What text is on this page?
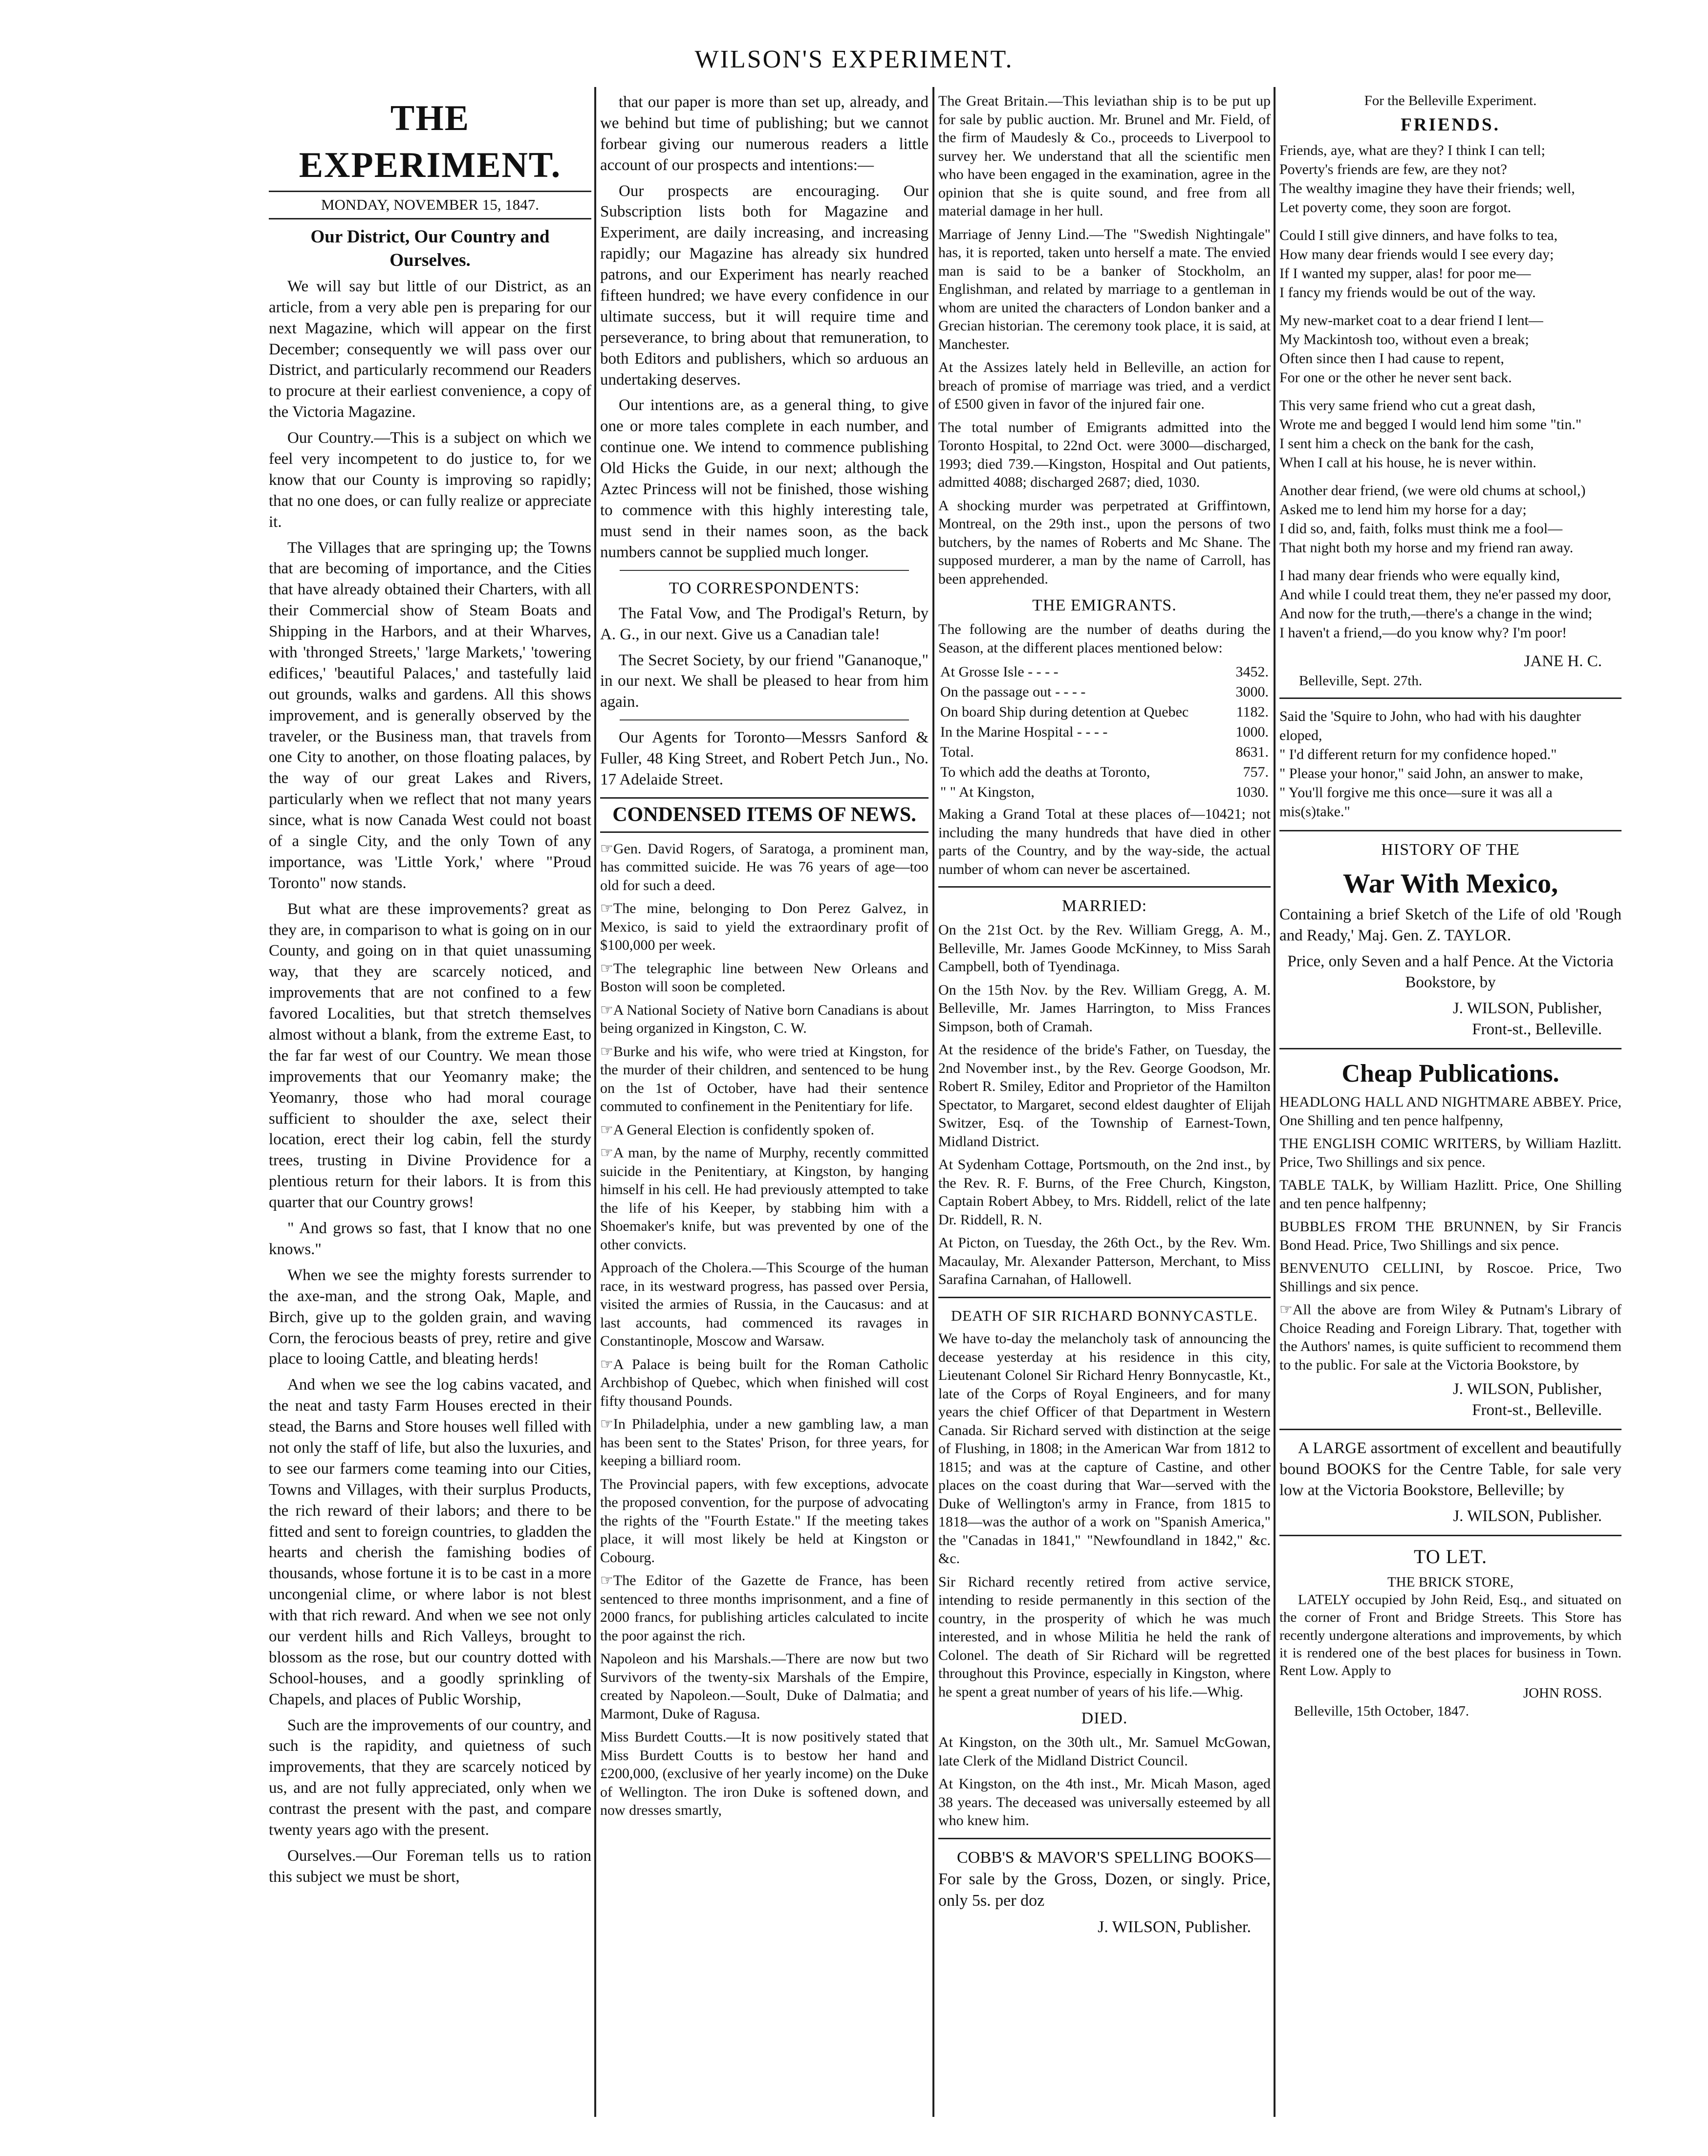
WILSON'S EXPERIMENT.
THE EXPERIMENT.
MONDAY, NOVEMBER 15, 1847.
Our District, Our Country and Ourselves.

We will say but little of our District, as an article, from a very able pen is preparing for our next Magazine, which will appear on the first December; consequently we will pass over our District, and particularly recommend our Readers to procure at their earliest convenience, a copy of the Victoria Magazine.

Our Country.—This is a subject on which we feel very incompetent to do justice to, for we know that our County is improving so rapidly; that no one does, or can fully realize or appreciate it.

The Villages that are springing up; the Towns that are becoming of importance, and the Cities that have already obtained their Charters, with all their Commercial show of Steam Boats and Shipping in the Harbors, and at their Wharves, with 'thronged Streets,' 'large Markets,' 'towering edifices,' 'beautiful Palaces,' and tastefully laid out grounds, walks and gardens. All this shows improvement, and is generally observed by the traveler, or the Business man, that travels from one City to another, on those floating palaces, by the way of our great Lakes and Rivers, particularly when we reflect that not many years since, what is now Canada West could not boast of a single City, and the only Town of any importance, was 'Little York,' where "Proud Toronto" now stands.

But what are these improvements? great as they are, in comparison to what is going on in our County, and going on in that quiet unassuming way, that they are scarcely noticed, and improvements that are not confined to a few favored Localities, but that stretch themselves almost without a blank, from the extreme East, to the far far west of our Country. We mean those improvements that our Yeomanry make; the Yeomanry, those who had moral courage sufficient to shoulder the axe, select their location, erect their log cabin, fell the sturdy trees, trusting in Divine Providence for a plentious return for their labors. It is from this quarter that our Country grows!

" And grows so fast, that I know that no one knows."

When we see the mighty forests surrender to the axe-man, and the strong Oak, Maple, and Birch, give up to the golden grain, and waving Corn, the ferocious beasts of prey, retire and give place to looing Cattle, and bleating herds!

And when we see the log cabins vacated, and the neat and tasty Farm Houses erected in their stead, the Barns and Store houses well filled with not only the staff of life, but also the luxuries, and to see our farmers come teaming into our Cities, Towns and Villages, with their surplus Products, the rich reward of their labors; and there to be fitted and sent to foreign countries, to gladden the hearts and cherish the famishing bodies of thousands, whose fortune it is to be cast in a more uncongenial clime, or where labor is not blest with that rich reward. And when we see not only our verdent hills and Rich Valleys, brought to blossom as the rose, but our country dotted with School-houses, and a goodly sprinkling of Chapels, and places of Public Worship,

Such are the improvements of our country, and such is the rapidity, and quietness of such improvements, that they are scarcely noticed by us, and are not fully appreciated, only when we contrast the present with the past, and compare twenty years ago with the present.

Ourselves.—Our Foreman tells us to ration this subject we must be short,

that our paper is more than set up, already, and we behind but time of publishing; but we cannot forbear giving our numerous readers a little account of our prospects and intentions:—

Our prospects are encouraging. Our Subscription lists both for Magazine and Experiment, are daily increasing, and increasing rapidly; our Magazine has already six hundred patrons, and our Experiment has nearly reached fifteen hundred; we have every confidence in our ultimate success, but it will require time and perseverance, to bring about that remuneration, to both Editors and publishers, which so arduous an undertaking deserves.

Our intentions are, as a general thing, to give one or more tales complete in each number, and continue one. We intend to commence publishing Old Hicks the Guide, in our next; although the Aztec Princess will not be finished, those wishing to commence with this highly interesting tale, must send in their names soon, as the back numbers cannot be supplied much longer.

TO CORRESPONDENTS:

The Fatal Vow, and The Prodigal's Return, by A. G., in our next. Give us a Canadian tale!

The Secret Society, by our friend "Gananoque," in our next. We shall be pleased to hear from him again.

Our Agents for Toronto—Messrs Sanford & Fuller, 48 King Street, and Robert Petch Jun., No. 17 Adelaide Street.

CONDENSED ITEMS OF NEWS.

☞Gen. David Rogers, of Saratoga, a prominent man, has committed suicide. He was 76 years of age—too old for such a deed.

☞The mine, belonging to Don Perez Galvez, in Mexico, is said to yield the extraordinary profit of $100,000 per week.

☞The telegraphic line between New Orleans and Boston will soon be completed.

☞A National Society of Native born Canadians is about being organized in Kingston, C. W.

☞Burke and his wife, who were tried at Kingston, for the murder of their children, and sentenced to be hung on the 1st of October, have had their sentence commuted to confinement in the Penitentiary for life.

☞A General Election is confidently spoken of.

☞A man, by the name of Murphy, recently committed suicide in the Penitentiary, at Kingston, by hanging himself in his cell. He had previously attempted to take the life of his Keeper, by stabbing him with a Shoemaker's knife, but was prevented by one of the other convicts.

Approach of the Cholera.—This Scourge of the human race, in its westward progress, has passed over Persia, visited the armies of Russia, in the Caucasus: and at last accounts, had commenced its ravages in Constantinople, Moscow and Warsaw.

☞A Palace is being built for the Roman Catholic Archbishop of Quebec, which when finished will cost fifty thousand Pounds.

☞In Philadelphia, under a new gambling law, a man has been sent to the States' Prison, for three years, for keeping a billiard room.

The Provincial papers, with few exceptions, advocate the proposed convention, for the purpose of advocating the rights of the "Fourth Estate." If the meeting takes place, it will most likely be held at Kingston or Cobourg.

☞The Editor of the Gazette de France, has been sentenced to three months imprisonment, and a fine of 2000 francs, for publishing articles calculated to incite the poor against the rich.

Napoleon and his Marshals.—There are now but two Survivors of the twenty-six Marshals of the Empire, created by Napoleon.—Soult, Duke of Dalmatia; and Marmont, Duke of Ragusa.

Miss Burdett Coutts.—It is now positively stated that Miss Burdett Coutts is to bestow her hand and £200,000, (exclusive of her yearly income) on the Duke of Wellington. The iron Duke is softened down, and now dresses smartly,

The Great Britain.—This leviathan ship is to be put up for sale by public auction. Mr. Brunel and Mr. Field, of the firm of Maudesly & Co., proceeds to Liverpool to survey her. We understand that all the scientific men who have been engaged in the examination, agree in the opinion that she is quite sound, and free from all material damage in her hull.

Marriage of Jenny Lind.—The "Swedish Nightingale" has, it is reported, taken unto herself a mate. The envied man is said to be a banker of Stockholm, an Englishman, and related by marriage to a gentleman in whom are united the characters of London banker and a Grecian historian. The ceremony took place, it is said, at Manchester.

At the Assizes lately held in Belleville, an action for breach of promise of marriage was tried, and a verdict of £500 given in favor of the injured fair one.

The total number of Emigrants admitted into the Toronto Hospital, to 22nd Oct. were 3000—discharged, 1993; died 739.—Kingston, Hospital and Out patients, admitted 4088; discharged 2687; died, 1030.

A shocking murder was perpetrated at Griffintown, Montreal, on the 29th inst., upon the persons of two butchers, by the names of Roberts and Mc Shane. The supposed murderer, a man by the name of Carroll, has been apprehended.

THE EMIGRANTS.

The following are the number of deaths during the Season, at the different places mentioned below:

At Grosse Isle - - - -	3452.
On the passage out - - - -	3000.
On board Ship during detention at Quebec	1182.
In the Marine Hospital - - - -	1000.
Total.	8631.
To which add the deaths at Toronto,	757.
" " At Kingston,	1030.

Making a Grand Total at these places of—10421; not including the many hundreds that have died in other parts of the Country, and by the way-side, the actual number of whom can never be ascertained.

MARRIED:

On the 21st Oct. by the Rev. William Gregg, A. M., Belleville, Mr. James Goode McKinney, to Miss Sarah Campbell, both of Tyendinaga.

On the 15th Nov. by the Rev. William Gregg, A. M. Belleville, Mr. James Harrington, to Miss Frances Simpson, both of Cramah.

At the residence of the bride's Father, on Tuesday, the 2nd November inst., by the Rev. George Goodson, Mr. Robert R. Smiley, Editor and Proprietor of the Hamilton Spectator, to Margaret, second eldest daughter of Elijah Switzer, Esq. of the Township of Earnest-Town, Midland District.

At Sydenham Cottage, Portsmouth, on the 2nd inst., by the Rev. R. F. Burns, of the Free Church, Kingston, Captain Robert Abbey, to Mrs. Riddell, relict of the late Dr. Riddell, R. N.

At Picton, on Tuesday, the 26th Oct., by the Rev. Wm. Macaulay, Mr. Alexander Patterson, Merchant, to Miss Sarafina Carnahan, of Hallowell.

DEATH OF SIR RICHARD BONNYCASTLE.

We have to-day the melancholy task of announcing the decease yesterday at his residence in this city, Lieutenant Colonel Sir Richard Henry Bonnycastle, Kt., late of the Corps of Royal Engineers, and for many years the chief Officer of that Department in Western Canada. Sir Richard served with distinction at the seige of Flushing, in 1808; in the American War from 1812 to 1815; and was at the capture of Castine, and other places on the coast during that War—served with the Duke of Wellington's army in France, from 1815 to 1818—was the author of a work on "Spanish America," the "Canadas in 1841," "Newfoundland in 1842," &c. &c.

Sir Richard recently retired from active service, intending to reside permanently in this section of the country, in the prosperity of which he was much interested, and in whose Militia he held the rank of Colonel. The death of Sir Richard will be regretted throughout this Province, especially in Kingston, where he spent a great number of years of his life.—Whig.

DIED.

At Kingston, on the 30th ult., Mr. Samuel McGowan, late Clerk of the Midland District Council.

At Kingston, on the 4th inst., Mr. Micah Mason, aged 38 years. The deceased was universally esteemed by all who knew him.

COBB'S & MAVOR'S SPELLING BOOKS—For sale by the Gross, Dozen, or singly. Price, only 5s. per doz

J. WILSON, Publisher.
For the Belleville Experiment.
FRIENDS.
Friends, aye, what are they? I think I can tell;
Poverty's friends are few, are they not?
The wealthy imagine they have their friends; well,
Let poverty come, they soon are forgot.
Could I still give dinners, and have folks to tea,
How many dear friends would I see every day;
If I wanted my supper, alas! for poor me—
I fancy my friends would be out of the way.
My new-market coat to a dear friend I lent—
My Mackintosh too, without even a break;
Often since then I had cause to repent,
For one or the other he never sent back.
This very same friend who cut a great dash,
Wrote me and begged I would lend him some "tin."
I sent him a check on the bank for the cash,
When I call at his house, he is never within.
Another dear friend, (we were old chums at school,)
Asked me to lend him my horse for a day;
I did so, and, faith, folks must think me a fool—
That night both my horse and my friend ran away.
I had many dear friends who were equally kind,
And while I could treat them, they ne'er passed my door,
And now for the truth,—there's a change in the wind;
I haven't a friend,—do you know why? I'm poor!
JANE H. C.
Belleville, Sept. 27th.
Said the 'Squire to John, who had with his daughter eloped,
" I'd different return for my confidence hoped."
" Please your honor," said John, an answer to make,
" You'll forgive me this once—sure it was all a mis(s)take."
HISTORY OF THE
War With Mexico,

Containing a brief Sketch of the Life of old 'Rough and Ready,' Maj. Gen. Z. TAYLOR.

Price, only Seven and a half Pence. At the Victoria Bookstore, by

J. WILSON, Publisher,
Front-st., Belleville.
Cheap Publications.

HEADLONG HALL AND NIGHTMARE ABBEY. Price, One Shilling and ten pence halfpenny,

THE ENGLISH COMIC WRITERS, by William Hazlitt. Price, Two Shillings and six pence.

TABLE TALK, by William Hazlitt. Price, One Shilling and ten pence halfpenny;

BUBBLES FROM THE BRUNNEN, by Sir Francis Bond Head. Price, Two Shillings and six pence.

BENVENUTO CELLINI, by Roscoe. Price, Two Shillings and six pence.

☞All the above are from Wiley & Putnam's Library of Choice Reading and Foreign Library. That, together with the Authors' names, is quite sufficient to recommend them to the public. For sale at the Victoria Bookstore, by

J. WILSON, Publisher,
Front-st., Belleville.

A LARGE assortment of excellent and beautifully bound BOOKS for the Centre Table, for sale very low at the Victoria Bookstore, Belleville; by

J. WILSON, Publisher.
TO LET.
THE BRICK STORE,

LATELY occupied by John Reid, Esq., and situated on the corner of Front and Bridge Streets. This Store has recently undergone alterations and improvements, by which it is rendered one of the best places for business in Town. Rent Low. Apply to

JOHN ROSS.
Belleville, 15th October, 1847.
